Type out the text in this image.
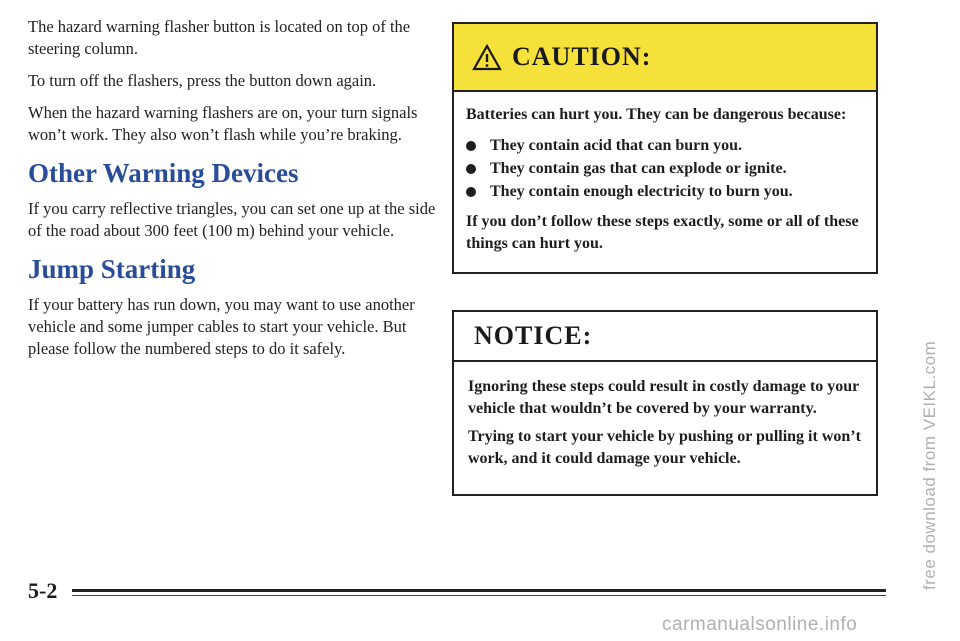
The hazard warning flasher button is located on top of the steering column.

To turn off the flashers, press the button down again.

When the hazard warning flashers are on, your turn signals won’t work. They also won’t flash while you’re braking.

Other Warning Devices

If you carry reflective triangles, you can set one up at the side of the road about 300 feet (100 m) behind your vehicle.

Jump Starting

If your battery has run down, you may want to use another vehicle and some jumper cables to start your vehicle. But please follow the numbered steps to do it safely.

CAUTION:

Batteries can hurt you. They can be dangerous because:

They contain acid that can burn you.
They contain gas that can explode or ignite.
They contain enough electricity to burn you.

If you don’t follow these steps exactly, some or all of these things can hurt you.

NOTICE:

Ignoring these steps could result in costly damage to your vehicle that wouldn’t be covered by your warranty.

Trying to start your vehicle by pushing or pulling it won’t work, and it could damage your vehicle.

5-2
free download from VEIKL.com
carmanualsonline.info
